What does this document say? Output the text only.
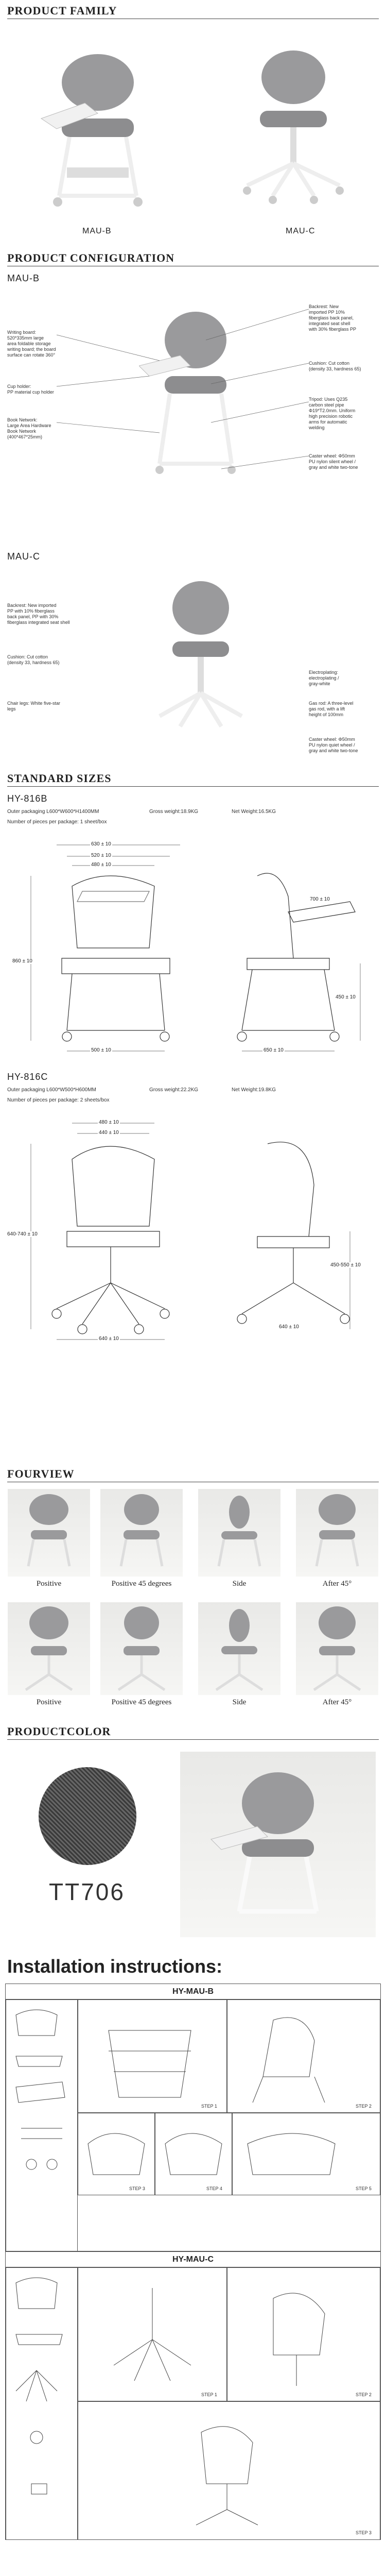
PRODUCT FAMILY
MAU-B	MAU-C
PRODUCT CONFIGURATION
MAU-B
Writing board:
520*335mm large
area foldable storage
writing board; the board
surface can rotate 360°
Cup holder:
PP material cup holder
Book Network:
Large Area Hardware
Book Network
(400*467*25mm)
Backrest: New
imported PP 10%
fiberglass back panel,
integrated seat shell
with 30% fiberglass PP
Cushion: Cut cotton
(density 33, hardness 65)
Tripod: Uses Q235
carbon steel pipe
Φ19*T2.0mm. Uniform
high precision robotic
arms for automatic
welding
Caster wheel: Φ50mm
PU nylon silent wheel /
gray and white two-tone
MAU-C
Backrest: New imported
PP with 10% fiberglass
back panel, PP with 30%
fiberglass integrated seat shell
Cushion: Cut cotton
(density 33, hardness 65)
Chair legs: White five-star
legs
Electroplating:
electroplating /
gray-white
Gas rod: A three-level
gas rod, with a lift
height of 100mm
Caster wheel: Φ50mm
PU nylon quiet wheel /
gray and white two-tone
STANDARD SIZES
HY-816B
Outer packaging L600*W600*H1400MM	Gross weight:18.9KG	Net Weight:16.5KG
Number of pieces per package: 1 sheet/box
630 ± 10
520 ± 10
480 ± 10
860 ± 10
450 ± 10
500 ± 10	650 ± 10
700 ± 10
HY-816C
Outer packaging L600*W500*H600MM	Gross weight:22.2KG	Net Weight:19.8KG
Number of pieces per package: 2 sheets/box
480 ± 10
440 ± 10
640-740 ± 10
450-550 ± 10
640 ± 10
640 ± 10
FOURVIEW
Positive	Positive 45 degrees	Side	After 45°
Positive	Positive 45 degrees	Side	After 45°
PRODUCTCOLOR
TT706
Installation instructions:
HY-MAU-B
STEP 1	STEP 2
STEP 3	STEP 4	STEP 5
HY-MAU-C
STEP 1	STEP 2
STEP 3
